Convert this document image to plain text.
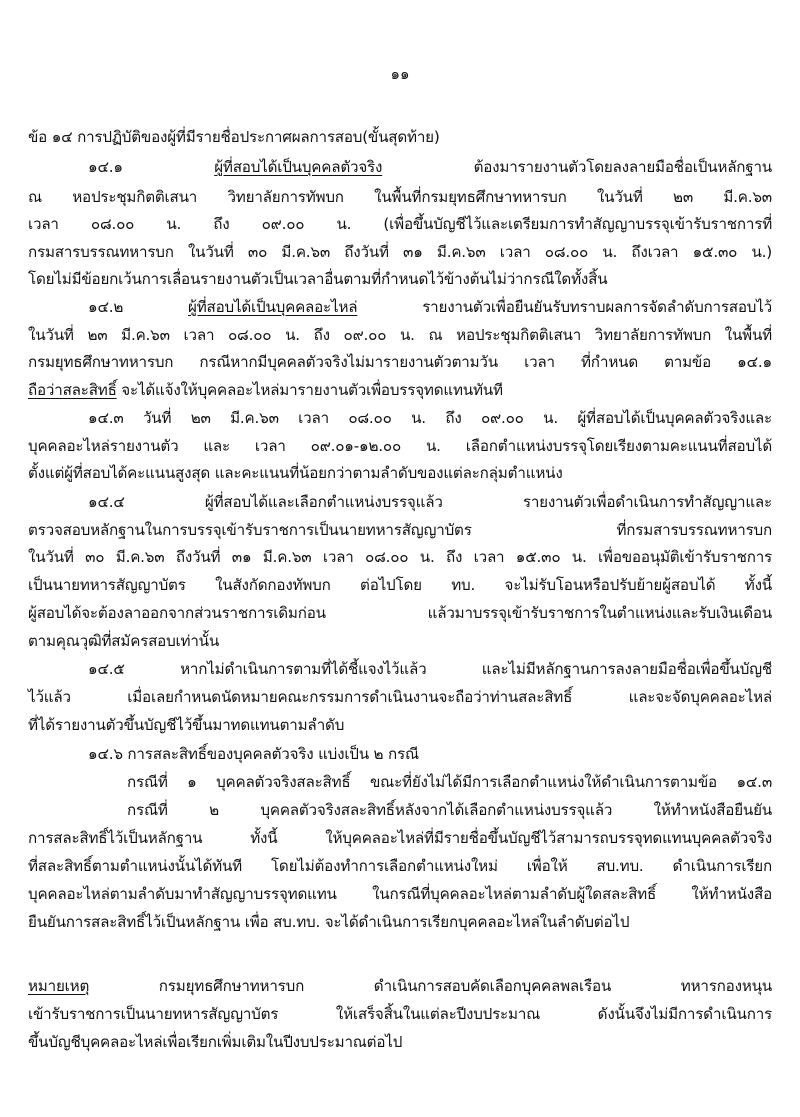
๑๑
ข้อ ๑๔ การปฏิบัติของผู้ที่มีรายชื่อประกาศผลการสอบ(ขั้นสุดท้าย)
๑๔.๑ ผู้ที่สอบได้เป็นบุคคลตัวจริง ต้องมารายงานตัวโดยลงลายมือชื่อเป็นหลักฐาน
ณ หอประชุมกิตติเสนา วิทยาลัยการทัพบก ในพื้นที่กรมยุทธศึกษาทหารบก ในวันที่ ๒๓ มี.ค.๖๓
เวลา ๐๘.๐๐ น. ถึง ๐๙.๐๐ น. (เพื่อขึ้นบัญชีไว้และเตรียมการทำสัญญาบรรจุเข้ารับราชการที่
กรมสารบรรณทหารบก ในวันที่ ๓๐ มี.ค.๖๓ ถึงวันที่ ๓๑ มี.ค.๖๓ เวลา ๐๘.๐๐ น. ถึงเวลา ๑๕.๓๐ น.)
โดยไม่มีข้อยกเว้นการเลื่อนรายงานตัวเป็นเวลาอื่นตามที่กำหนดไว้ข้างต้นไม่ว่ากรณีใดทั้งสิ้น
๑๔.๒ ผู้ที่สอบได้เป็นบุคคลอะไหล่ รายงานตัวเพื่อยืนยันรับทราบผลการจัดลำดับการสอบไว้
ในวันที่ ๒๓ มี.ค.๖๓ เวลา ๐๘.๐๐ น. ถึง ๐๙.๐๐ น. ณ หอประชุมกิตติเสนา วิทยาลัยการทัพบก ในพื้นที่
กรมยุทธศึกษาทหารบก กรณีหากมีบุคคลตัวจริงไม่มารายงานตัวตามวัน เวลา ที่กำหนด ตามข้อ ๑๔.๑
ถือว่าสละสิทธิ์ จะได้แจ้งให้บุคคลอะไหล่มารายงานตัวเพื่อบรรจุทดแทนทันที
๑๔.๓ วันที่ ๒๓ มี.ค.๖๓ เวลา ๐๘.๐๐ น. ถึง ๐๙.๐๐ น. ผู้ที่สอบได้เป็นบุคคลตัวจริงและ
บุคคลอะไหล่รายงานตัว และ เวลา ๐๙.๐๑-๑๒.๐๐ น. เลือกตำแหน่งบรรจุโดยเรียงตามคะแนนที่สอบได้
ตั้งแต่ผู้ที่สอบได้คะแนนสูงสุด และคะแนนที่น้อยกว่าตามลำดับของแต่ละกลุ่มตำแหน่ง
๑๔.๔ ผู้ที่สอบได้และเลือกตำแหน่งบรรจุแล้ว รายงานตัวเพื่อดำเนินการทำสัญญาและ
ตรวจสอบหลักฐานในการบรรจุเข้ารับราชการเป็นนายทหารสัญญาบัตร ที่กรมสารบรรณทหารบก
ในวันที่ ๓๐ มี.ค.๖๓ ถึงวันที่ ๓๑ มี.ค.๖๓ เวลา ๐๘.๐๐ น. ถึง เวลา ๑๕.๓๐ น. เพื่อขออนุมัติเข้ารับราชการ
เป็นนายทหารสัญญาบัตร ในสังกัดกองทัพบก ต่อไปโดย ทบ. จะไม่รับโอนหรือปรับย้ายผู้สอบได้ ทั้งนี้
ผู้สอบได้จะต้องลาออกจากส่วนราชการเดิมก่อน แล้วมาบรรจุเข้ารับราชการในตำแหน่งและรับเงินเดือน
ตามคุณวุฒิที่สมัครสอบเท่านั้น
๑๔.๕ หากไม่ดำเนินการตามที่ได้ชี้แจงไว้แล้ว และไม่มีหลักฐานการลงลายมือชื่อเพื่อขึ้นบัญชี
ไว้แล้ว เมื่อเลยกำหนดนัดหมายคณะกรรมการดำเนินงานจะถือว่าท่านสละสิทธิ์ และจะจัดบุคคลอะไหล่
ที่ได้รายงานตัวขึ้นบัญชีไว้ขึ้นมาทดแทนตามลำดับ
๑๔.๖ การสละสิทธิ์ของบุคคลตัวจริง แบ่งเป็น ๒ กรณี
กรณีที่ ๑ บุคคลตัวจริงสละสิทธิ์ ขณะที่ยังไม่ได้มีการเลือกตำแหน่งให้ดำเนินการตามข้อ ๑๔.๓
กรณีที่ ๒ บุคคลตัวจริงสละสิทธิ์หลังจากได้เลือกตำแหน่งบรรจุแล้ว ให้ทำหนังสือยืนยัน
การสละสิทธิ์ไว้เป็นหลักฐาน ทั้งนี้ ให้บุคคลอะไหล่ที่มีรายชื่อขึ้นบัญชีไว้สามารถบรรจุทดแทนบุคคลตัวจริง
ที่สละสิทธิ์ตามตำแหน่งนั้นได้ทันที โดยไม่ต้องทำการเลือกตำแหน่งใหม่ เพื่อให้ สบ.ทบ. ดำเนินการเรียก
บุคคลอะไหล่ตามลำดับมาทำสัญญาบรรจุทดแทน ในกรณีที่บุคคลอะไหล่ตามลำดับผู้ใดสละสิทธิ์ ให้ทำหนังสือ
ยืนยันการสละสิทธิ์ไว้เป็นหลักฐาน เพื่อ สบ.ทบ. จะได้ดำเนินการเรียกบุคคลอะไหล่ในลำดับต่อไป
หมายเหตุ กรมยุทธศึกษาทหารบก ดำเนินการสอบคัดเลือกบุคคลพลเรือน ทหารกองหนุน
เข้ารับราชการเป็นนายทหารสัญญาบัตร ให้เสร็จสิ้นในแต่ละปีงบประมาณ ดังนั้นจึงไม่มีการดำเนินการ
ขึ้นบัญชีบุคคลอะไหล่เพื่อเรียกเพิ่มเติมในปีงบประมาณต่อไป
